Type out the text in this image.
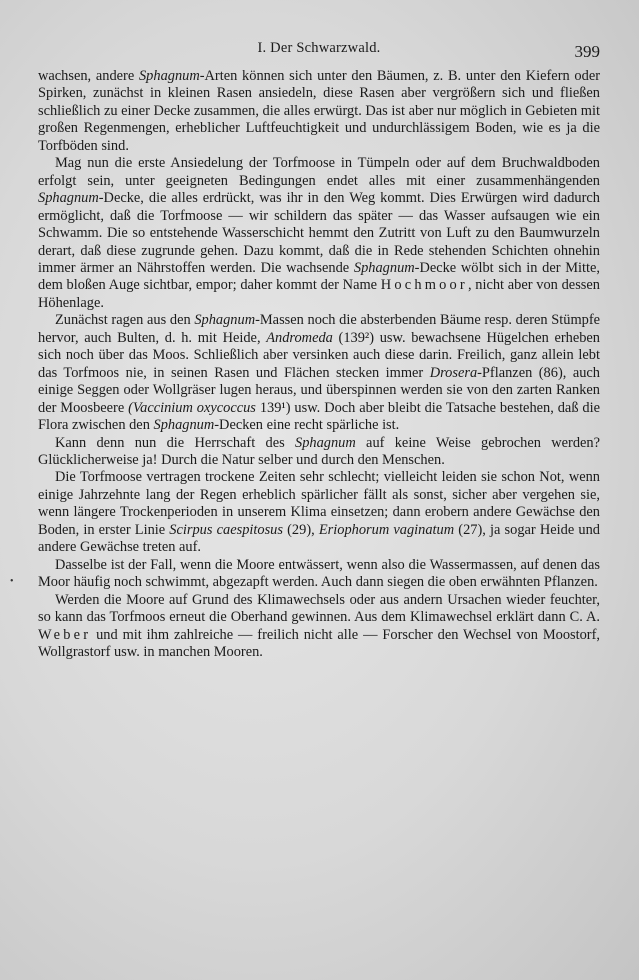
•
I. Der Schwarzwald.	399

wachsen, andere Sphagnum-Arten können sich unter den Bäumen, z. B. unter den Kiefern oder Spirken, zunächst in kleinen Rasen ansiedeln, diese Rasen aber vergrößern sich und fließen schließlich zu einer Decke zusammen, die alles erwürgt. Das ist aber nur möglich in Gebieten mit großen Regenmengen, erheblicher Luftfeuchtigkeit und undurchlässigem Boden, wie es ja die Torfböden sind.

Mag nun die erste Ansiedelung der Torfmoose in Tümpeln oder auf dem Bruchwaldboden erfolgt sein, unter geeigneten Bedingungen endet alles mit einer zusammenhängenden Sphagnum-Decke, die alles erdrückt, was ihr in den Weg kommt. Dies Erwürgen wird dadurch ermöglicht, daß die Torfmoose — wir schildern das später — das Wasser aufsaugen wie ein Schwamm. Die so entstehende Wasserschicht hemmt den Zutritt von Luft zu den Baumwurzeln derart, daß diese zugrunde gehen. Dazu kommt, daß die in Rede stehenden Schichten ohnehin immer ärmer an Nährstoffen werden. Die wachsende Sphagnum-Decke wölbt sich in der Mitte, dem bloßen Auge sichtbar, empor; daher kommt der Name Hochmoor, nicht aber von dessen Höhenlage.

Zunächst ragen aus den Sphagnum-Massen noch die absterbenden Bäume resp. deren Stümpfe hervor, auch Bulten, d. h. mit Heide, Andromeda (139²) usw. bewachsene Hügelchen erheben sich noch über das Moos. Schließlich aber versinken auch diese darin. Freilich, ganz allein lebt das Torfmoos nie, in seinen Rasen und Flächen stecken immer Drosera-Pflanzen (86), auch einige Seggen oder Wollgräser lugen heraus, und überspinnen werden sie von den zarten Ranken der Moosbeere (Vaccinium oxycoccus 139¹) usw. Doch aber bleibt die Tatsache bestehen, daß die Flora zwischen den Sphagnum-Decken eine recht spärliche ist.

Kann denn nun die Herrschaft des Sphagnum auf keine Weise gebrochen werden? Glücklicherweise ja! Durch die Natur selber und durch den Menschen.

Die Torfmoose vertragen trockene Zeiten sehr schlecht; vielleicht leiden sie schon Not, wenn einige Jahrzehnte lang der Regen erheblich spärlicher fällt als sonst, sicher aber vergehen sie, wenn längere Trockenperioden in unserem Klima einsetzen; dann erobern andere Gewächse den Boden, in erster Linie Scirpus caespitosus (29), Eriophorum vaginatum (27), ja sogar Heide und andere Gewächse treten auf.

Dasselbe ist der Fall, wenn die Moore entwässert, wenn also die Wassermassen, auf denen das Moor häufig noch schwimmt, abgezapft werden. Auch dann siegen die oben erwähnten Pflanzen.

Werden die Moore auf Grund des Klimawechsels oder aus andern Ursachen wieder feuchter, so kann das Torfmoos erneut die Oberhand gewinnen. Aus dem Klimawechsel erklärt dann C. A. Weber und mit ihm zahlreiche — freilich nicht alle — Forscher den Wechsel von Moostorf, Wollgrastorf usw. in manchen Mooren.
